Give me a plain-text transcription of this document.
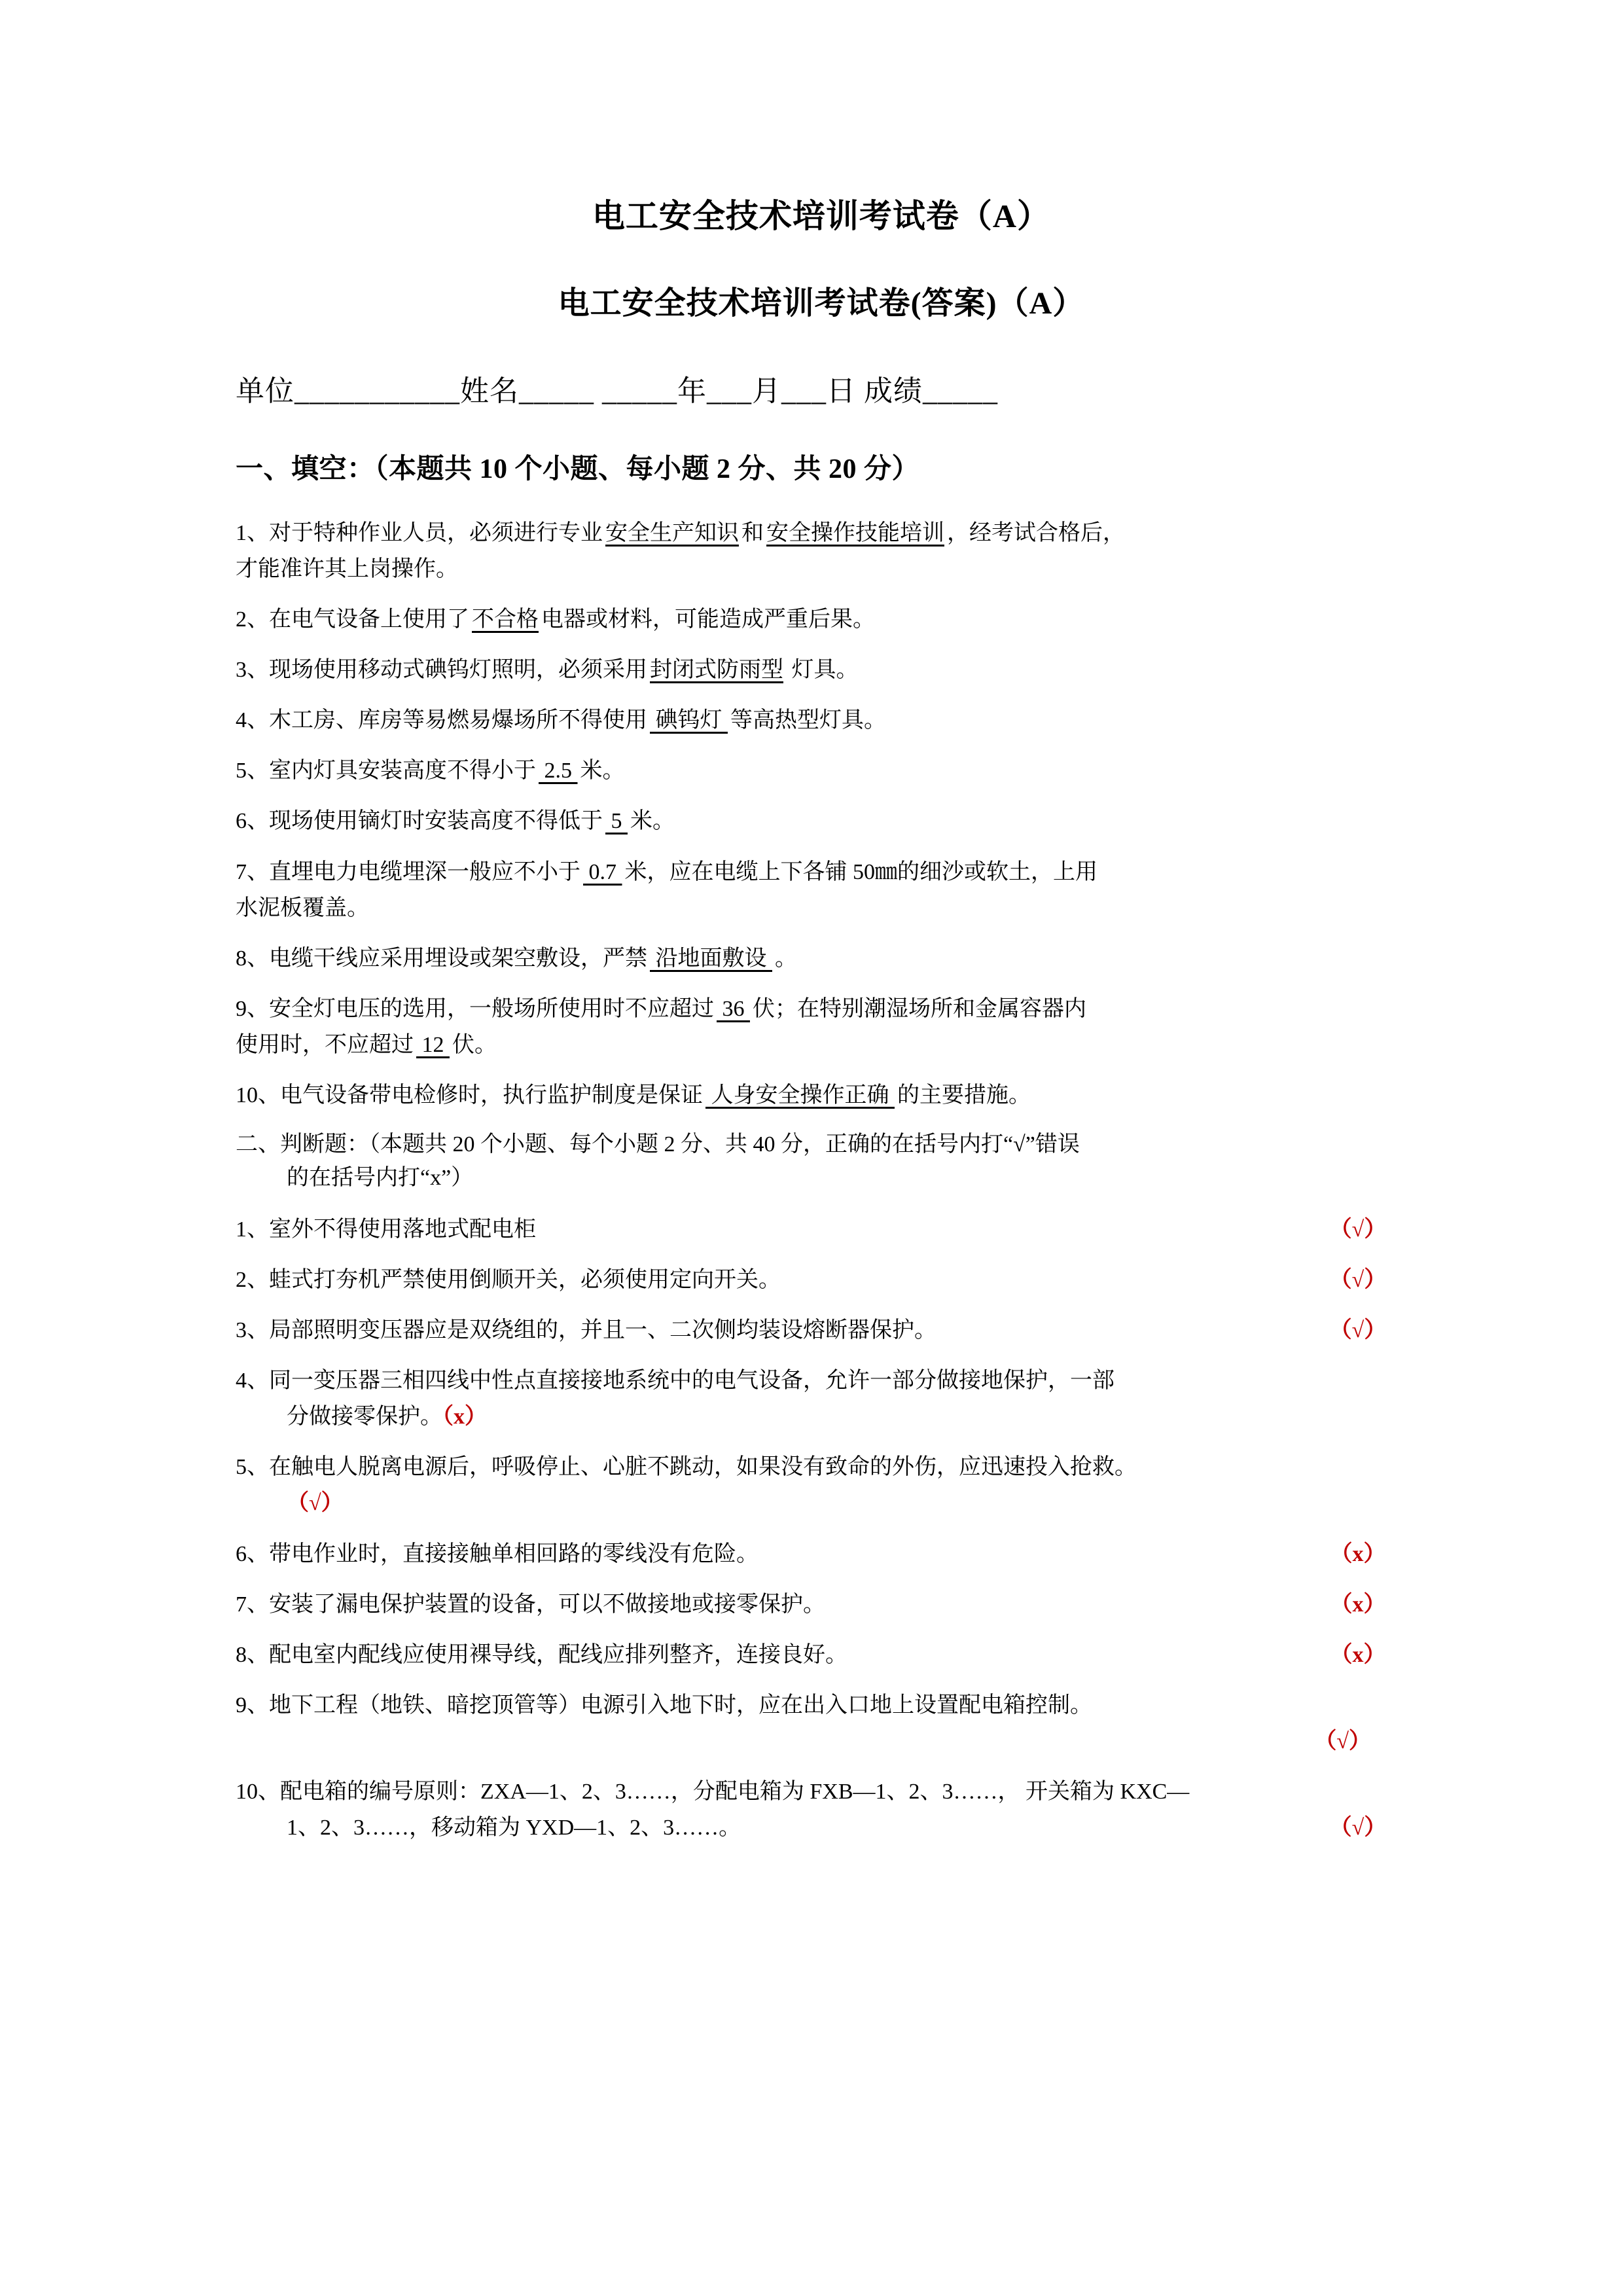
电工安全技术培训考试卷（A）
电工安全技术培训考试卷(答案)（A）
单位___________姓名_____ _____年___月___日 成绩_____
一、填空：（本题共 10 个小题、每小题 2 分、共 20 分）
1、对于特种作业人员，必须进行专业 安全生产知识 和 安全操作技能培训 ，经考试合格后，
才能准许其上岗操作。
2、在电气设备上使用了 不合格 电器或材料，可能造成严重后果。
3、现场使用移动式碘钨灯照明，必须采用 封闭式防雨型 灯具。
4、木工房、库房等易燃易爆场所不得使用 碘钨灯 等高热型灯具。
5、室内灯具安装高度不得小于 2.5 米。
6、现场使用镝灯时安装高度不得低于 5 米。
7、直埋电力电缆埋深一般应不小于 0.7 米，应在电缆上下各铺 50㎜的细沙或软土，上用
水泥板覆盖。
8、电缆干线应采用埋设或架空敷设，严禁 沿地面敷设 。
9、安全灯电压的选用，一般场所使用时不应超过 36 伏；在特别潮湿场所和金属容器内
使用时，不应超过 12 伏。
10、电气设备带电检修时，执行监护制度是保证 人身安全操作正确 的主要措施。
二、判断题：（本题共 20 个小题、每个小题 2 分、共 40 分，正确的在括号内打“√”错误
的在括号内打“x”）
1、室外不得使用落地式配电柜	（√）
2、蛙式打夯机严禁使用倒顺开关，必须使用定向开关。	（√）
3、局部照明变压器应是双绕组的，并且一、二次侧均装设熔断器保护。	（√）
4、同一变压器三相四线中性点直接接地系统中的电气设备，允许一部分做接地保护，一部
分做接零保护。（x）
5、在触电人脱离电源后，呼吸停止、心脏不跳动，如果没有致命的外伤，应迅速投入抢救。
（√）
6、带电作业时，直接接触单相回路的零线没有危险。	（x）
7、安装了漏电保护装置的设备，可以不做接地或接零保护。	（x）
8、配电室内配线应使用裸导线，配线应排列整齐，连接良好。	（x）
9、地下工程（地铁、暗挖顶管等）电源引入地下时，应在出入口地上设置配电箱控制。
（√）
10、配电箱的编号原则：ZXA—1、2、3……，分配电箱为 FXB—1、2、3……， 开关箱为 KXC—
1、2、3……，移动箱为 YXD—1、2、3……。	（√）
